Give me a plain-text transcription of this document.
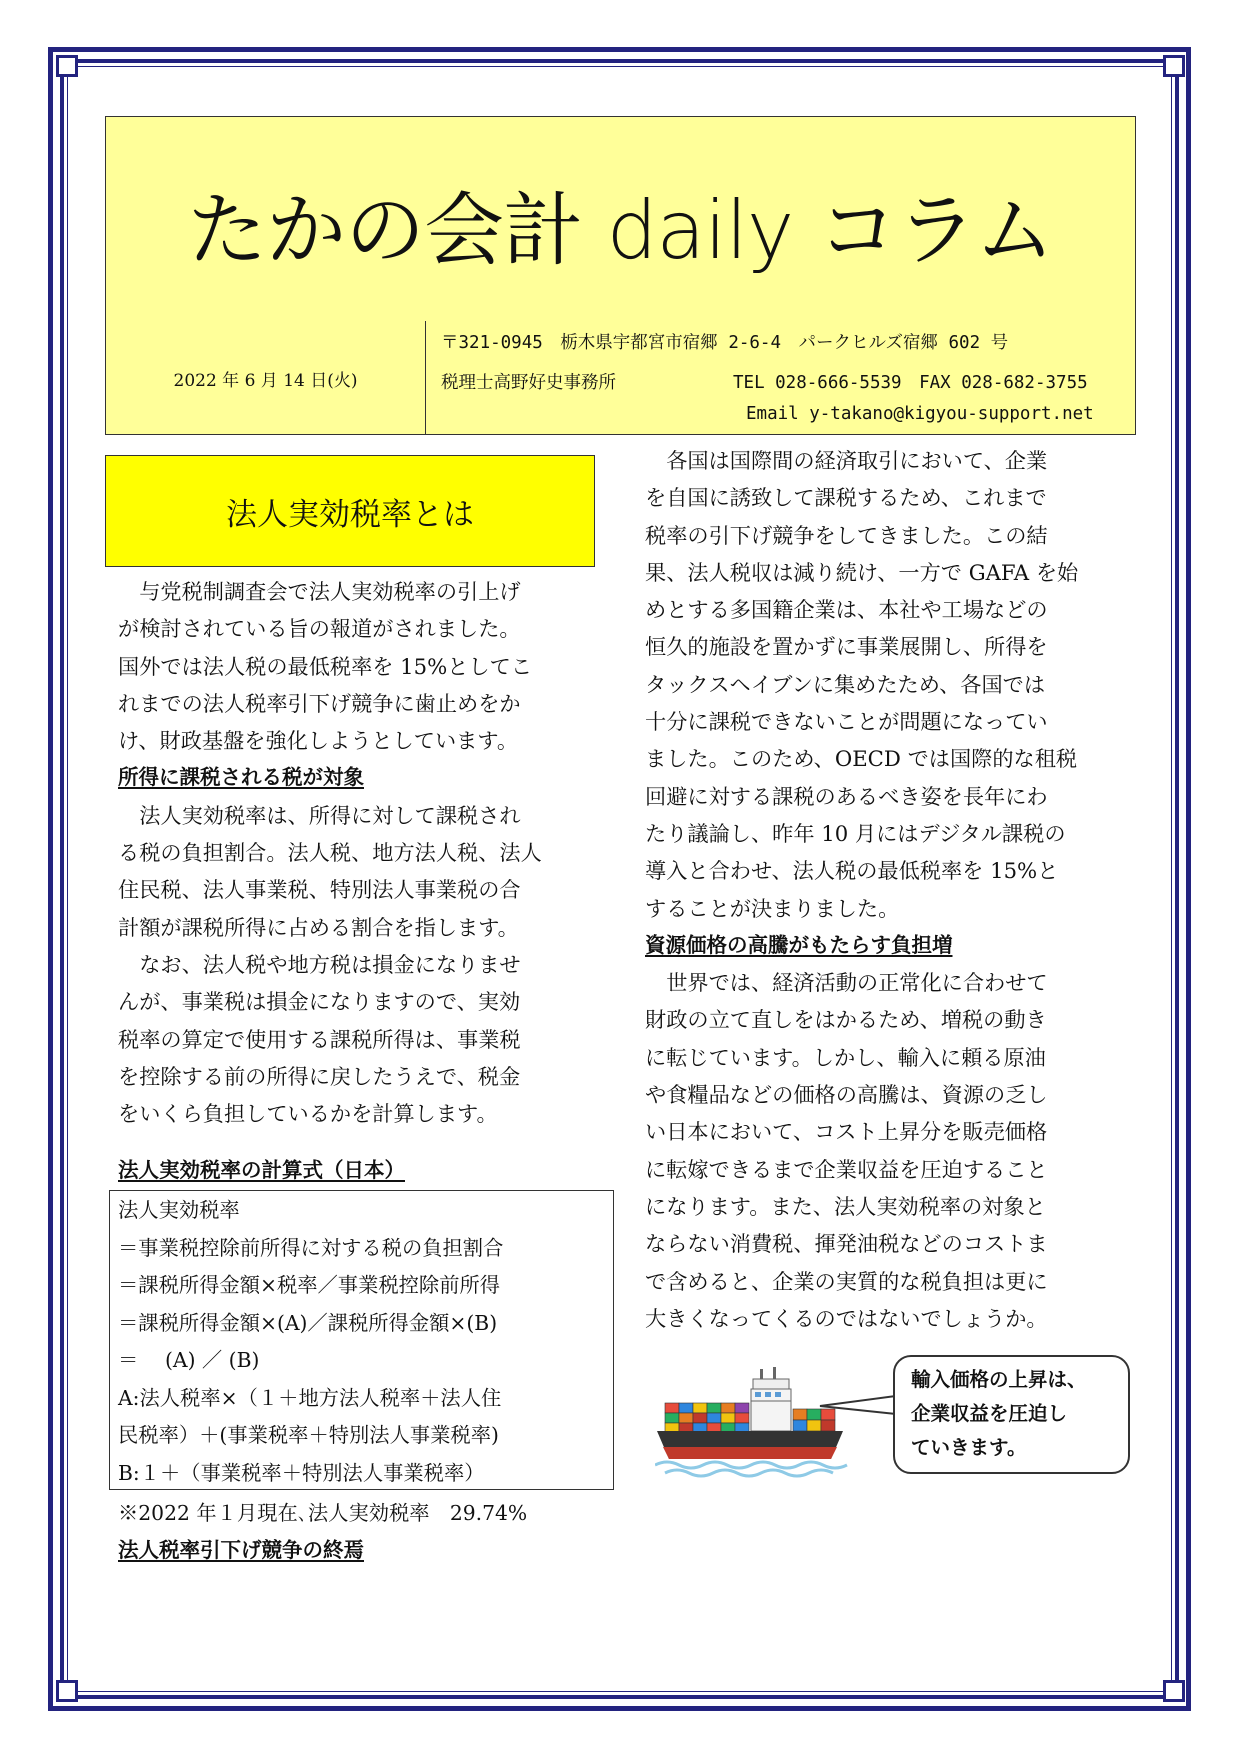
たかの会計 daily コラム
2022 年 6 月 14 日(火)
〒321-0945　栃木県宇都宮市宿郷 2-6-4　パークヒルズ宿郷 602 号
税理士高野好史事務所	TEL 028-666-5539　FAX 028-682-3755
Email y-takano@kigyou-support.net
法人実効税率とは
　与党税制調査会で法人実効税率の引上げ
が検討されている旨の報道がされました。
国外では法人税の最低税率を 15%としてこ
れまでの法人税率引下げ競争に歯止めをか
け、財政基盤を強化しようとしています。
所得に課税される税が対象
　法人実効税率は、所得に対して課税され
る税の負担割合。法人税、地方法人税、法人
住民税、法人事業税、特別法人事業税の合
計額が課税所得に占める割合を指します。
　なお、法人税や地方税は損金になりませ
んが、事業税は損金になりますので、実効
税率の算定で使用する課税所得は、事業税
を控除する前の所得に戻したうえで、税金
をいくら負担しているかを計算します。
法人実効税率の計算式（日本）
法人実効税率
＝事業税控除前所得に対する税の負担割合
＝課税所得金額×税率／事業税控除前所得
＝課税所得金額×(A)／課税所得金額×(B)
＝　 (A) ／ (B)
A:法人税率×（１＋地方法人税率＋法人住
民税率）＋(事業税率＋特別法人事業税率)
B:１＋（事業税率＋特別法人事業税率）
※2022 年１月現在､法人実効税率　29.74%
法人税率引下げ競争の終焉
　各国は国際間の経済取引において、企業
を自国に誘致して課税するため、これまで
税率の引下げ競争をしてきました。この結
果、法人税収は減り続け、一方で GAFA を始
めとする多国籍企業は、本社や工場などの
恒久的施設を置かずに事業展開し、所得を
タックスヘイブンに集めたため、各国では
十分に課税できないことが問題になってい
ました。このため、OECD では国際的な租税
回避に対する課税のあるべき姿を長年にわ
たり議論し、昨年 10 月にはデジタル課税の
導入と合わせ、法人税の最低税率を 15%と
することが決まりました。
資源価格の高騰がもたらす負担増
　世界では、経済活動の正常化に合わせて
財政の立て直しをはかるため、増税の動き
に転じています。しかし、輸入に頼る原油
や食糧品などの価格の高騰は、資源の乏し
い日本において、コスト上昇分を販売価格
に転嫁できるまで企業収益を圧迫すること
になります。また、法人実効税率の対象と
ならない消費税、揮発油税などのコストま
で含めると、企業の実質的な税負担は更に
大きくなってくるのではないでしょうか。
輸入価格の上昇は、
企業収益を圧迫し
ていきます。
